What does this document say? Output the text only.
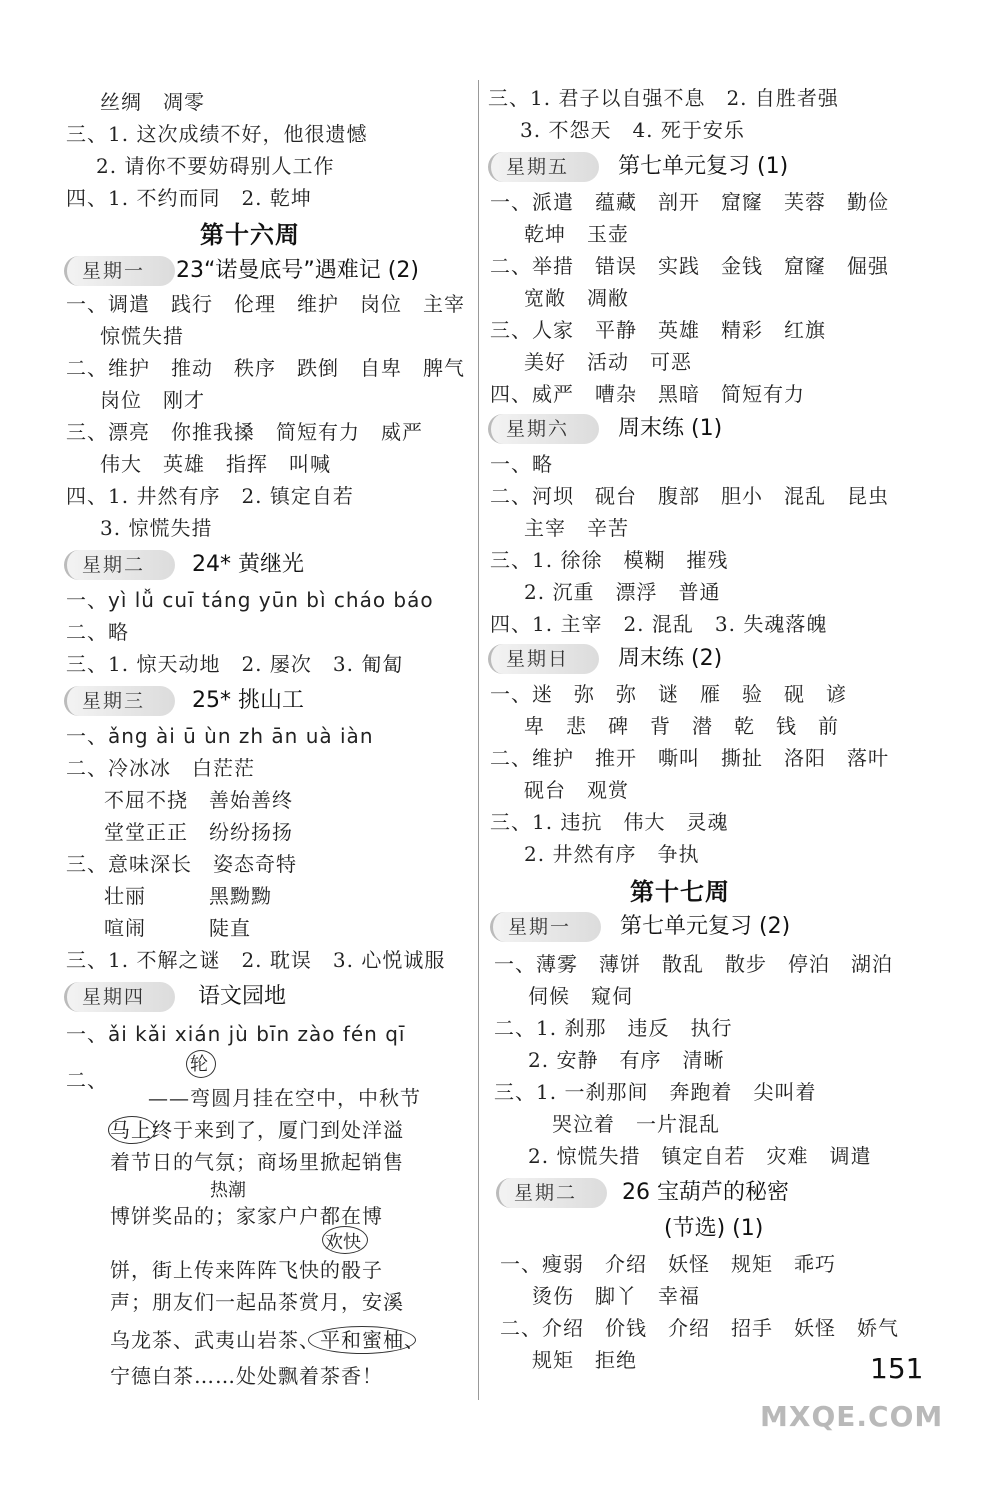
丝绸　凋零
三、1. 这次成绩不好，他很遗憾
2. 请你不要妨碍别人工作
四、1. 不约而同　2. 乾坤
第十六周
星期一 23“诺曼底号”遇难记 (2)
一、调遣　践行　伦理　维护　岗位　主宰
惊慌失措
二、维护　推动　秩序　跌倒　自卑　脾气
岗位　刚才
三、漂亮　你推我搡　简短有力　威严
伟大　英雄　指挥　叫喊
四、1. 井然有序　2. 镇定自若
3. 惊慌失措
星期二 24* 黄继光
一、yì lǚ cuī táng yūn bì cháo báo
二、略
三、1. 惊天动地　2. 屡次　3. 匍匐
星期三 25* 挑山工
一、ǎng ài ū ùn zh ān uà iàn
二、冷冰冰　白茫茫
不屈不挠　善始善终
堂堂正正　纷纷扬扬
三、意味深长　姿态奇特
壮丽　　　黑黝黝
喧闹　　　陡直
三、1. 不解之谜　2. 耽误　3. 心悦诚服
星期四 语文园地
一、ǎi kǎi xián jù bīn zào fén qī
二、
轮
——弯圆月挂在空中，中秋节
马上终于来到了，厦门到处洋溢
着节日的气氛；商场里掀起销售
热潮
博饼奖品的；家家户户都在博
欢快
饼，街上传来阵阵飞快的骰子
声；朋友们一起品茶赏月，安溪
乌龙茶、武夷山岩茶、平和蜜柚、
宁德白茶……处处飘着茶香！
三、1. 君子以自强不息　2. 自胜者强
3. 不怨天　4. 死于安乐
星期五 第七单元复习 (1)
一、派遣　蕴藏　剖开　窟窿　芙蓉　勤俭
乾坤　玉壶
二、举措　错误　实践　金钱　窟窿　倔强
宽敞　凋敝
三、人家　平静　英雄　精彩　红旗
美好　活动　可恶
四、威严　嘈杂　黑暗　简短有力
星期六 周末练 (1)
一、略
二、河坝　砚台　腹部　胆小　混乱　昆虫
主宰　辛苦
三、1. 徐徐　模糊　摧残
2. 沉重　漂浮　普通
四、1. 主宰　2. 混乱　3. 失魂落魄
星期日 周末练 (2)
一、迷　弥　弥　谜　雁　验　砚　谚
卑　悲　碑　背　潜　乾　钱　前
二、维护　推开　嘶叫　撕扯　洛阳　落叶
砚台　观赏
三、1. 违抗　伟大　灵魂
2. 井然有序　争执
第十七周
星期一 第七单元复习 (2)
一、薄雾　薄饼　散乱　散步　停泊　湖泊
伺候　窥伺
二、1. 刹那　违反　执行
2. 安静　有序　清晰
三、1. 一刹那间　奔跑着　尖叫着
哭泣着　一片混乱
2. 惊慌失措　镇定自若　灾难　调遣
星期二 26 宝葫芦的秘密
(节选) (1)
一、瘦弱　介绍　妖怪　规矩　乖巧
烫伤　脚丫　幸福
二、介绍　价钱　介绍　招手　妖怪　娇气
规矩　拒绝	151
MXQE.COM
